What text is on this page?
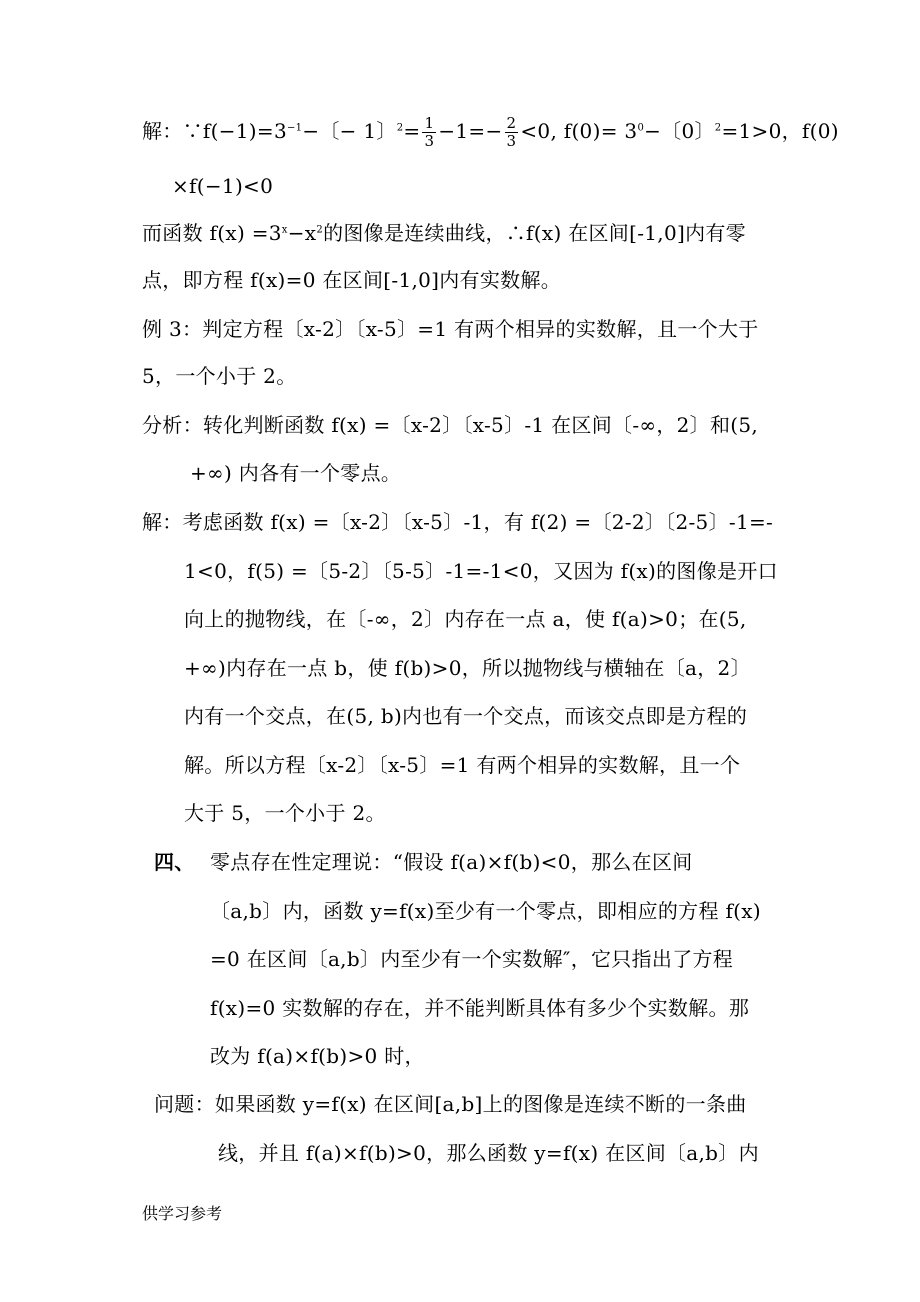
解：$\because f(-1)=3^{-1}-$〔− 1〕$^2= \frac{1}{3} -1=- \frac{2}{3} <0$, $f(0)= 3^0-$〔0〕$^2$=1>0，f(0)
×f(−1)<0
而函数 $f(x) =3^x-x^2$的图像是连续曲线，∴f(x) 在区间[-1,0]内有零
点，即方程 f(x)=0 在区间[-1,0]内有实数解。
例 3：判定方程〔x-2〕〔x-5〕=1 有两个相异的实数解，且一个大于
5，一个小于 2。
分析：转化判断函数 f(x) =〔x-2〕〔x-5〕-1 在区间〔-∞，2〕和(5,
+∞) 内各有一个零点。
解：考虑函数 f(x) =〔x-2〕〔x-5〕-1，有 f(2) =〔2-2〕〔2-5〕-1=-
1<0，f(5) =〔5-2〕〔5-5〕-1=-1<0，又因为 f(x)的图像是开口
向上的抛物线，在〔-∞，2〕内存在一点 a，使 f(a)>0；在(5,
+∞)内存在一点 b，使 f(b)>0，所以抛物线与横轴在〔a，2〕
内有一个交点，在(5, b)内也有一个交点，而该交点即是方程的
解。所以方程〔x-2〕〔x-5〕=1 有两个相异的实数解，且一个
大于 5，一个小于 2。
四、 零点存在性定理说：“假设 f(a)×f(b)<0，那么在区间
〔a,b〕内，函数 y=f(x)至少有一个零点，即相应的方程 f(x)
=0 在区间〔a,b〕内至少有一个实数解″，它只指出了方程
f(x)=0 实数解的存在，并不能判断具体有多少个实数解。那
改为 f(a)×f(b)>0 时，
问题：如果函数 y=f(x) 在区间[a,b]上的图像是连续不断的一条曲
线，并且 f(a)×f(b)>0，那么函数 y=f(x) 在区间〔a,b〕内
供学习参考
